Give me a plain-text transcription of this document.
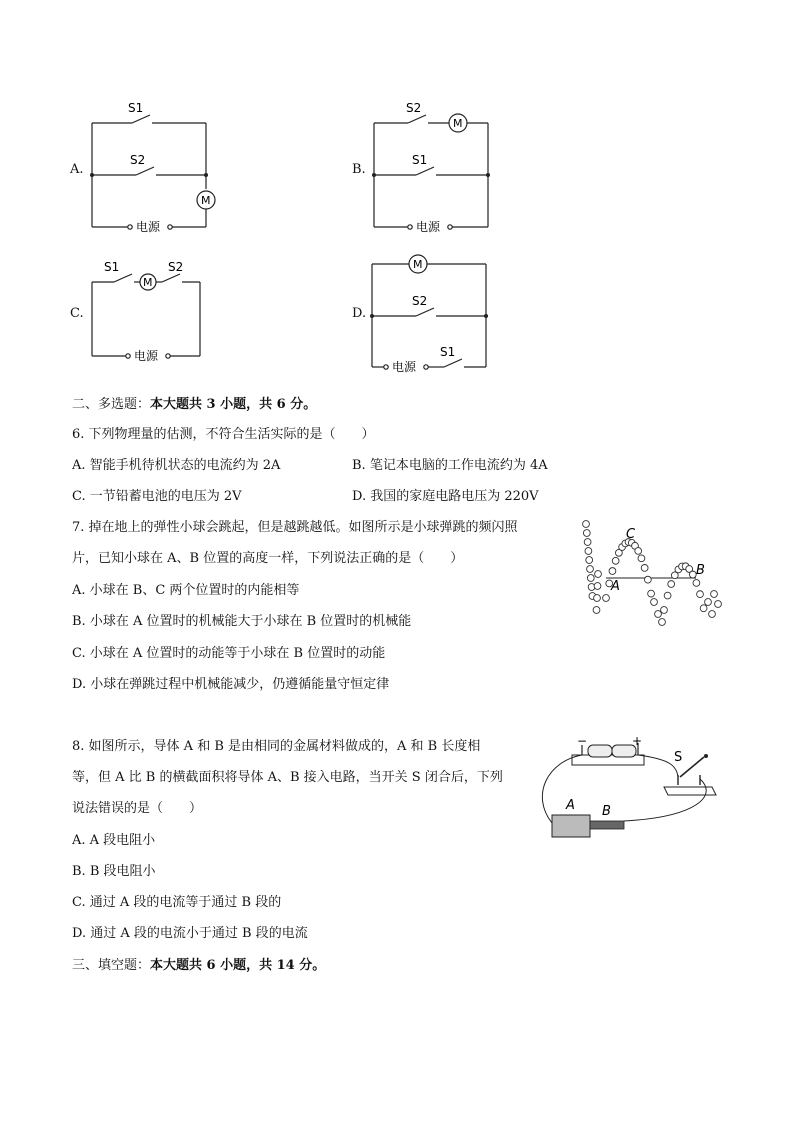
A.
S1
S2
M
电源
B.
S2
M
S1
电源
C.
S1
M
S2
电源
D.
M
S2
电源
S1
二、多选题：本大题共 3 小题，共 6 分。
6. 下列物理量的估测，不符合生活实际的是（　　）
A. 智能手机待机状态的电流约为 2A	B. 笔记本电脑的工作电流约为 4A
C. 一节铅蓄电池的电压为 2V	D. 我国的家庭电路电压为 220V
7. 掉在地上的弹性小球会跳起，但是越跳越低。如图所示是小球弹跳的频闪照
片，已知小球在 A、B 位置的高度一样，下列说法正确的是（　　）
A. 小球在 B、C 两个位置时的内能相等
B. 小球在 A 位置时的机械能大于小球在 B 位置时的机械能
C. 小球在 A 位置时的动能等于小球在 B 位置时的动能
D. 小球在弹跳过程中机械能减少，仍遵循能量守恒定律
C
A
B
8. 如图所示，导体 A 和 B 是由相同的金属材料做成的，A 和 B 长度相
等，但 A 比 B 的横截面积将导体 A、B 接入电路，当开关 S 闭合后，下列
说法错误的是（　　）
A. A 段电阻小
B. B 段电阻小
C. 通过 A 段的电流等于通过 B 段的
D. 通过 A 段的电流小于通过 B 段的电流
−	+
S
A B
三、填空题：本大题共 6 小题，共 14 分。
